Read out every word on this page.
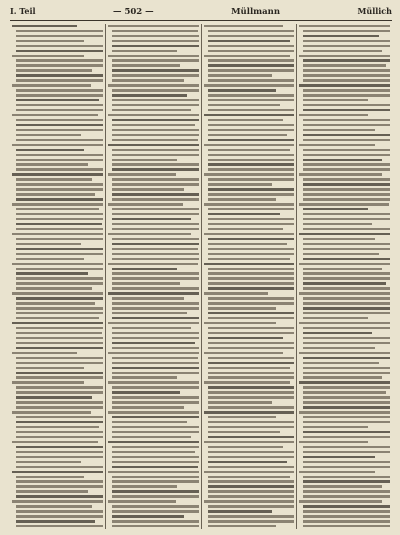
I. Teil	— 502 —	Müllmann	Müllich
